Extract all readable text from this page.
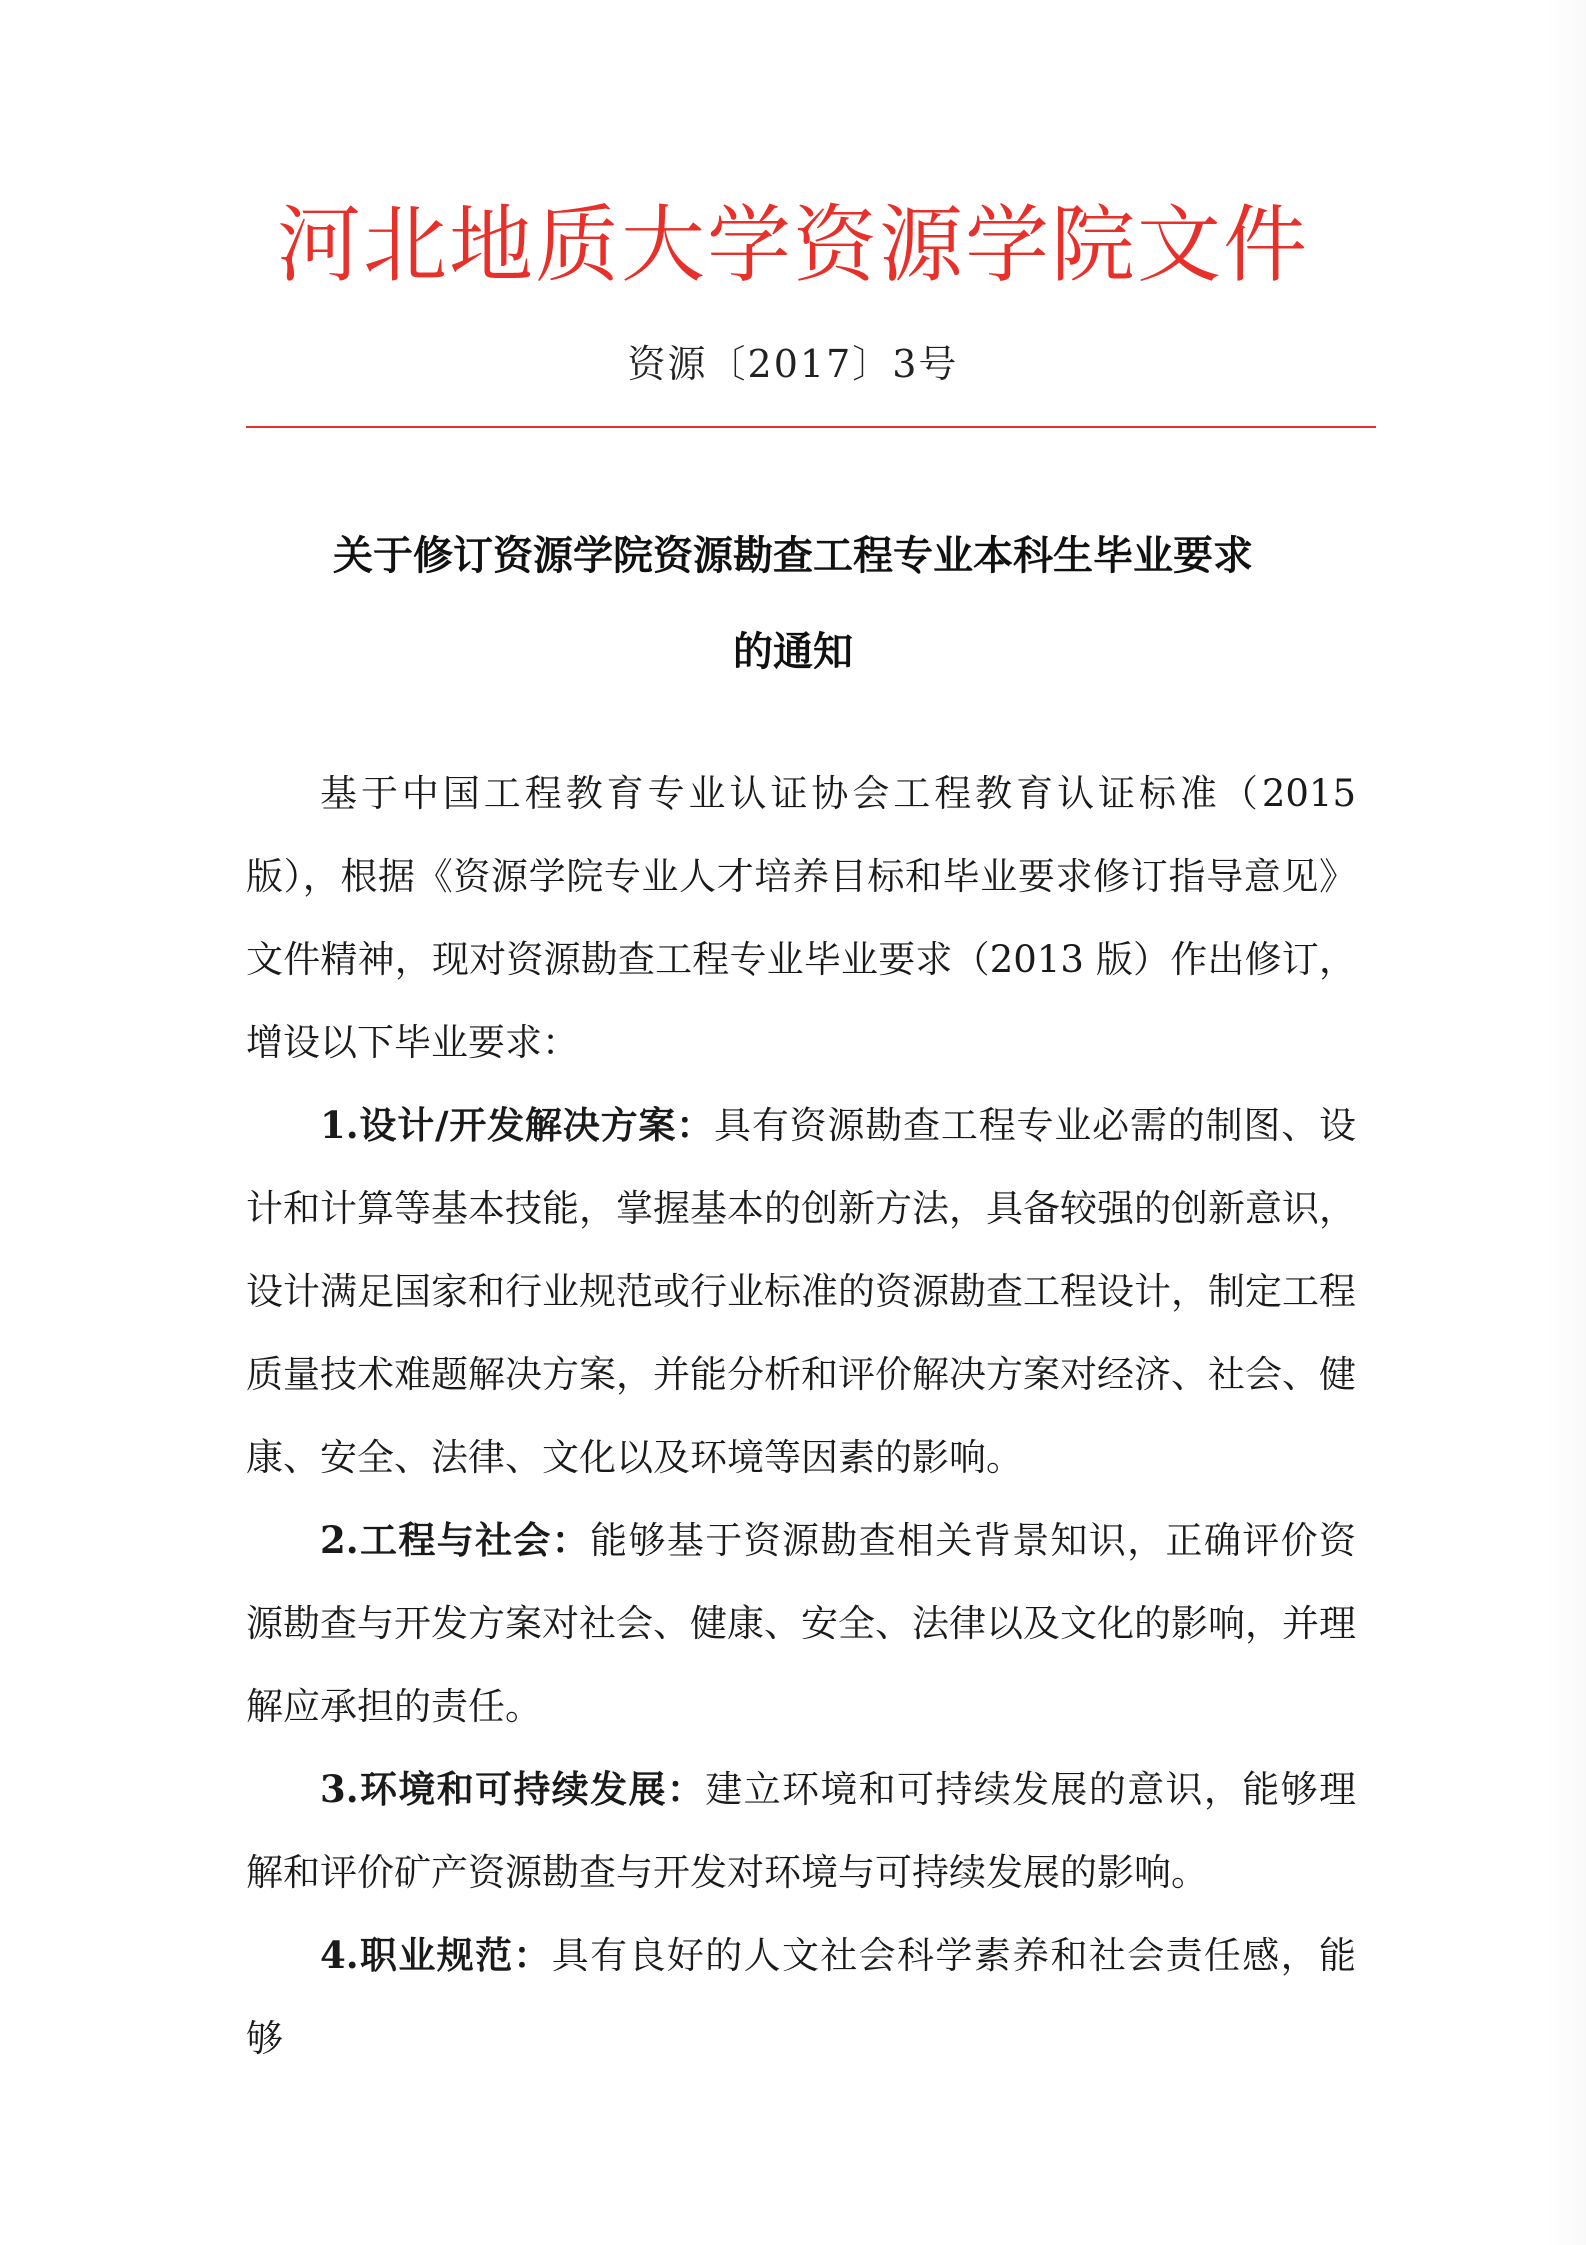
河北地质大学资源学院文件
资源〔2017〕3号
关于修订资源学院资源勘查工程专业本科生毕业要求
的通知

基于中国工程教育专业认证协会工程教育认证标准（2015 版），根据《资源学院专业人才培养目标和毕业要求修订指导意见》文件精神，现对资源勘查工程专业毕业要求（2013 版）作出修订，增设以下毕业要求：

1.设计/开发解决方案：具有资源勘查工程专业必需的制图、设计和计算等基本技能，掌握基本的创新方法，具备较强的创新意识，设计满足国家和行业规范或行业标准的资源勘查工程设计，制定工程质量技术难题解决方案，并能分析和评价解决方案对经济、社会、健康、安全、法律、文化以及环境等因素的影响。

2.工程与社会：能够基于资源勘查相关背景知识，正确评价资源勘查与开发方案对社会、健康、安全、法律以及文化的影响，并理解应承担的责任。

3.环境和可持续发展：建立环境和可持续发展的意识，能够理解和评价矿产资源勘查与开发对环境与可持续发展的影响。

4.职业规范：具有良好的人文社会科学素养和社会责任感，能够
